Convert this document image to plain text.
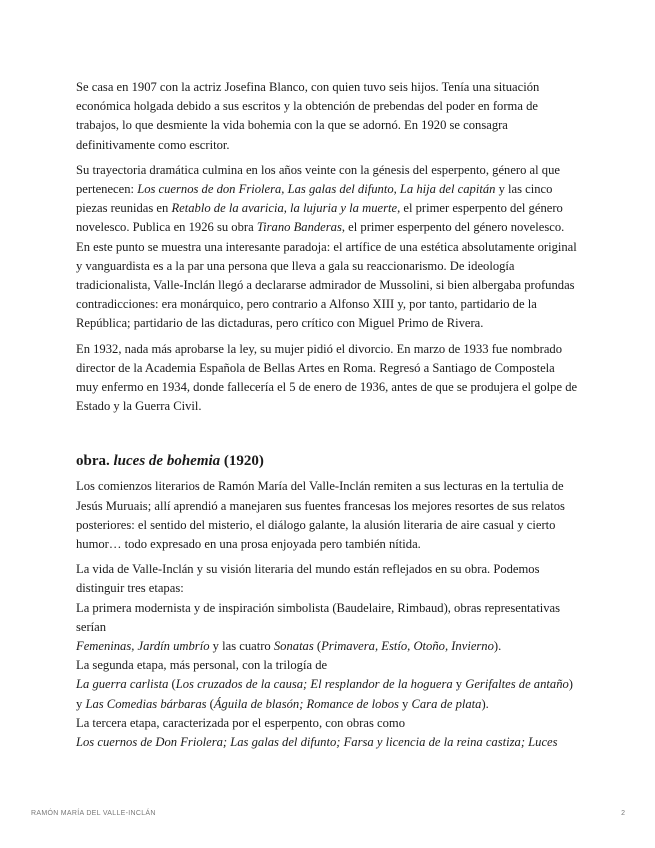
Se casa en 1907 con la actriz Josefina Blanco, con quien tuvo seis hijos. Tenía una situación económica holgada debido a sus escritos y la obtención de prebendas del poder en forma de trabajos, lo que desmiente la vida bohemia con la que se adornó. En 1920 se consagra definitivamente como escritor.

Su trayectoria dramática culmina en los años veinte con la génesis del esperpento, género al que pertenecen: Los cuernos de don Friolera, Las galas del difunto, La hija del capitán y las cinco piezas reunidas en Retablo de la avaricia, la lujuria y la muerte, el primer esperpento del género novelesco. Publica en 1926 su obra Tirano Banderas, el primer esperpento del género novelesco. En este punto se muestra una interesante paradoja: el artífice de una estética absolutamente original y vanguardista es a la par una persona que lleva a gala su reaccionarismo. De ideología tradicionalista, Valle-Inclán llegó a declararse admirador de Mussolini, si bien albergaba profundas contradicciones: era monárquico, pero contrario a Alfonso XIII y, por tanto, partidario de la República; partidario de las dictaduras, pero crítico con Miguel Primo de Rivera.

En 1932, nada más aprobarse la ley, su mujer pidió el divorcio. En marzo de 1933 fue nombrado director de la Academia Española de Bellas Artes en Roma. Regresó a Santiago de Compostela muy enfermo en 1934, donde fallecería el 5 de enero de 1936, antes de que se produjera el golpe de Estado y la Guerra Civil.

obra. luces de bohemia (1920)

Los comienzos literarios de Ramón María del Valle-Inclán remiten a sus lecturas en la tertulia de Jesús Muruais; allí aprendió a manejaren sus fuentes francesas los mejores resortes de sus relatos posteriores: el sentido del misterio, el diálogo galante, la alusión literaria de aire casual y cierto humor… todo expresado en una prosa enjoyada pero también nítida.

La vida de Valle-Inclán y su visión literaria del mundo están reflejados en su obra. Podemos distinguir tres etapas:

La primera modernista y de inspiración simbolista (Baudelaire, Rimbaud), obras representativas serían

Femeninas, Jardín umbrío y las cuatro Sonatas (Primavera, Estío, Otoño, Invierno).

La segunda etapa, más personal, con la trilogía de

La guerra carlista (Los cruzados de la causa; El resplandor de la hoguera y Gerifaltes de antaño) y Las Comedias bárbaras (Águila de blasón; Romance de lobos y Cara de plata).

La tercera etapa, caracterizada por el esperpento, con obras como

Los cuernos de Don Friolera; Las galas del difunto; Farsa y licencia de la reina castiza; Luces

RAMÓN MARÍA DEL VALLE-INCLÁN	2
